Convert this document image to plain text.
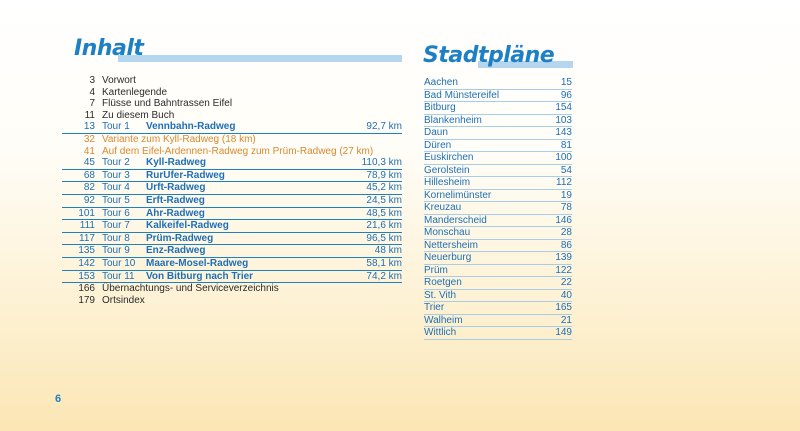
Inhalt	Stadtpläne
3 Vorwort
4 Kartenlegende
7 Flüsse und Bahntrassen Eifel
11 Zu diesem Buch
13 Tour 1 Vennbahn-Radweg	92,7 km
32 Variante zum Kyll-Radweg (18 km)
41 Auf dem Eifel-Ardennen-Radweg zum Prüm-Radweg (27 km)
45 Tour 2 Kyll-Radweg	110,3 km
68 Tour 3 RurUfer-Radweg	78,9 km
82 Tour 4 Urft-Radweg	45,2 km
92 Tour 5 Erft-Radweg	24,5 km
101 Tour 6 Ahr-Radweg	48,5 km
111 Tour 7 Kalkeifel-Radweg	21,6 km
117 Tour 8 Prüm-Radweg	96,5 km
135 Tour 9 Enz-Radweg	48 km
142 Tour 10 Maare-Mosel-Radweg	58,1 km
153 Tour 11 Von Bitburg nach Trier	74,2 km
166 Übernachtungs- und Serviceverzeichnis
179 Ortsindex
Aachen	15
Bad Münstereifel	96
Bitburg	154
Blankenheim	103
Daun	143
Düren	81
Euskirchen	100
Gerolstein	54
Hillesheim	112
Kornelimünster	19
Kreuzau	78
Manderscheid	146
Monschau	28
Nettersheim	86
Neuerburg	139
Prüm	122
Roetgen	22
St. Vith	40
Trier	165
Walheim	21
Wittlich	149
6
